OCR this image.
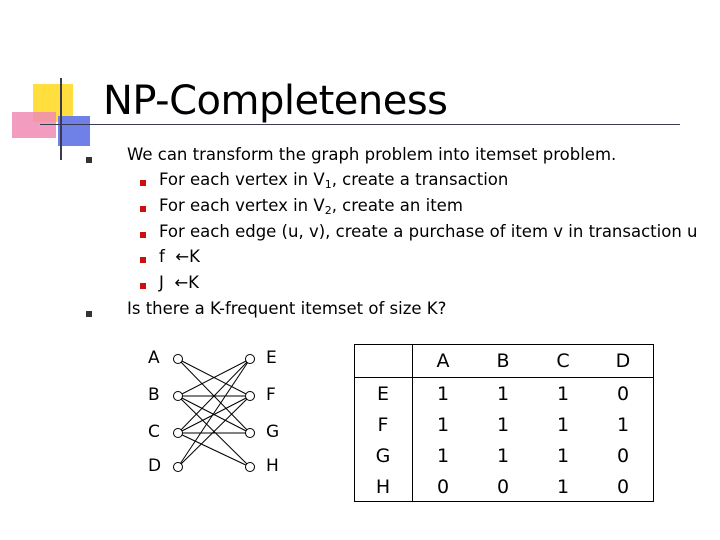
NP-Completeness
We can transform the graph problem into itemset problem.
For each vertex in $V_1$, create a transaction
For each vertex in $V_2$, create an item
For each edge (u, v), create a purchase of item v in transaction u
f  ←K
J  ←K
Is there a K-frequent itemset of size K?
A
B
C
D
E
F
G
H
	A	B	C	D
E	1	1	1	0
F	1	1	1	1
G	1	1	1	0
H	0	0	1	0
